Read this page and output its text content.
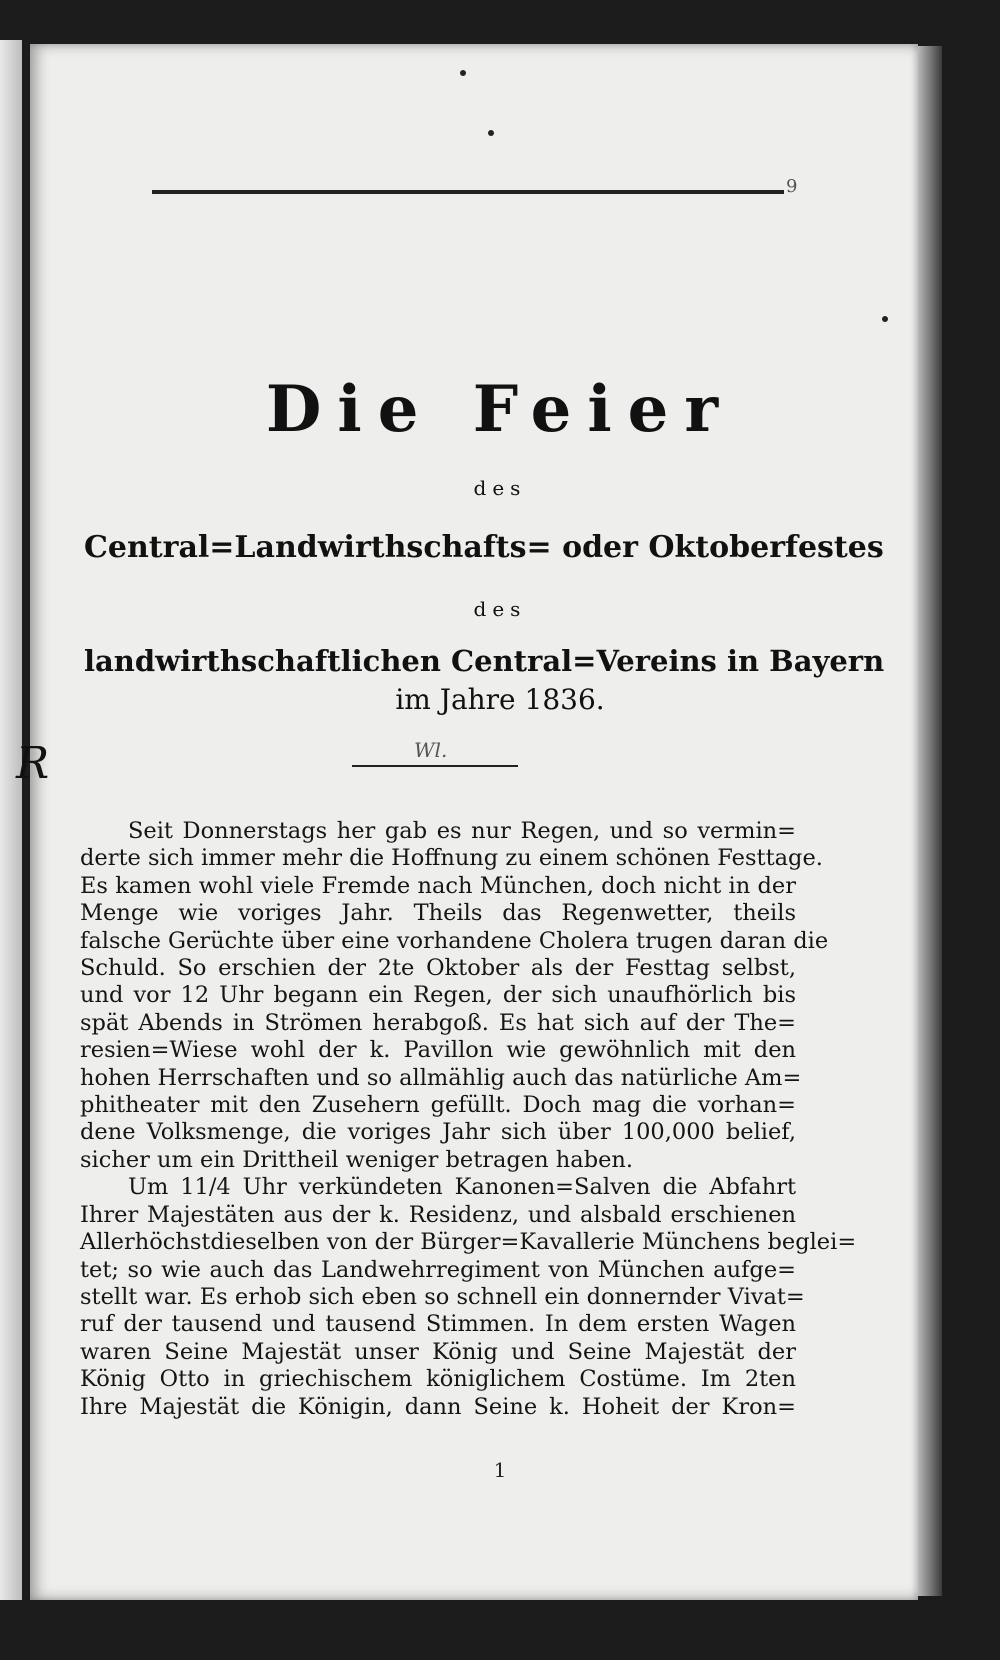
9
Die Feier
des
Central=Landwirthschafts= oder Oktoberfestes
des
landwirthschaftlichen Central=Vereins in Bayern
im Jahre 1836.
Wl.
R
Seit Donnerstags her gab es nur Regen, und so vermin=
derte sich immer mehr die Hoffnung zu einem schönen Festtage.
Es kamen wohl viele Fremde nach München, doch nicht in der
Menge wie voriges Jahr. Theils das Regenwetter, theils
falsche Gerüchte über eine vorhandene Cholera trugen daran die
Schuld. So erschien der 2te Oktober als der Festtag selbst,
und vor 12 Uhr begann ein Regen, der sich unaufhörlich bis
spät Abends in Strömen herabgoß. Es hat sich auf der The=
resien=Wiese wohl der k. Pavillon wie gewöhnlich mit den
hohen Herrschaften und so allmählig auch das natürliche Am=
phitheater mit den Zusehern gefüllt. Doch mag die vorhan=
dene Volksmenge, die voriges Jahr sich über 100,000 belief,
sicher um ein Drittheil weniger betragen haben.
Um 11/4 Uhr verkündeten Kanonen=Salven die Abfahrt
Ihrer Majestäten aus der k. Residenz, und alsbald erschienen
Allerhöchstdieselben von der Bürger=Kavallerie Münchens beglei=
tet; so wie auch das Landwehrregiment von München aufge=
stellt war. Es erhob sich eben so schnell ein donnernder Vivat=
ruf der tausend und tausend Stimmen. In dem ersten Wagen
waren Seine Majestät unser König und Seine Majestät der
König Otto in griechischem königlichem Costüme. Im 2ten
Ihre Majestät die Königin, dann Seine k. Hoheit der Kron=
1
